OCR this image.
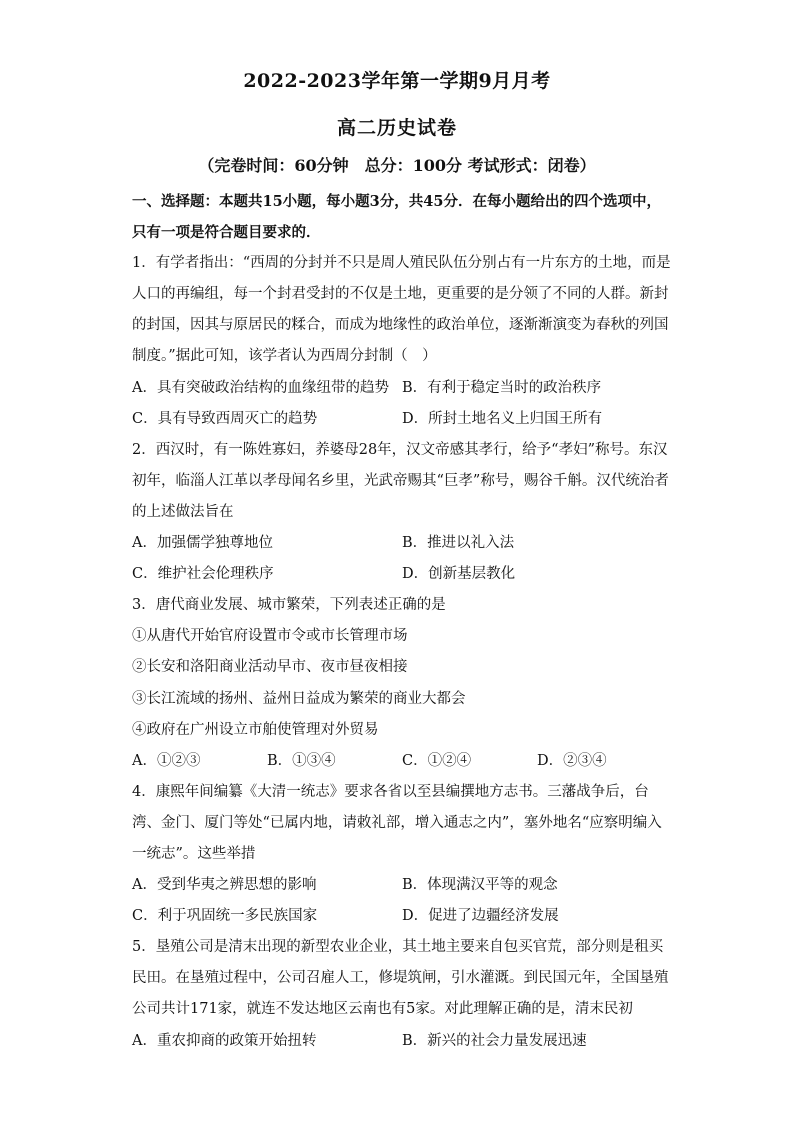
2022-2023学年第一学期9月月考
高二历史试卷
（完卷时间：60分钟　总分：100分 考试形式：闭卷）

一、选择题：本题共15小题，每小题3分，共45分．在每小题给出的四个选项中，只有一项是符合题目要求的．

1．有学者指出：“西周的分封并不只是周人殖民队伍分别占有一片东方的土地，而是人口的再编组，每一个封君受封的不仅是土地，更重要的是分领了不同的人群。新封的封国，因其与原居民的糅合，而成为地缘性的政治单位，逐渐渐演变为春秋的列国制度。”据此可知，该学者认为西周分封制（　）

A．具有突破政治结构的血缘纽带的趋势 B．有利于稳定当时的政治秩序
C．具有导致西周灭亡的趋势	D．所封土地名义上归国王所有

2．西汉时，有一陈姓寡妇，养婆母28年，汉文帝感其孝行，给予“孝妇”称号。东汉初年，临淄人江革以孝母闻名乡里，光武帝赐其“巨孝”称号，赐谷千斛。汉代统治者的上述做法旨在

A．加强儒学独尊地位	B．推进以礼入法
C．维护社会伦理秩序	D．创新基层教化

3．唐代商业发展、城市繁荣，下列表述正确的是

①从唐代开始官府设置市令或市长管理市场

②长安和洛阳商业活动早市、夜市昼夜相接

③长江流域的扬州、益州日益成为繁荣的商业大都会

④政府在广州设立市舶使管理对外贸易

A．①②③	B．①③④	C．①②④	D．②③④

4．康熙年间编纂《大清一统志》要求各省以至县编撰地方志书。三藩战争后，台湾、金门、厦门等处“已属内地，请敕礼部，增入通志之内”，塞外地名“应察明编入一统志”。这些举措

A．受到华夷之辨思想的影响	B．体现满汉平等的观念
C．利于巩固统一多民族国家	D．促进了边疆经济发展

5．垦殖公司是清末出现的新型农业企业，其土地主要来自包买官荒，部分则是租买民田。在垦殖过程中，公司召雇人工，修堤筑闸，引水灌溉。到民国元年，全国垦殖公司共计171家，就连不发达地区云南也有5家。对此理解正确的是，清末民初

A．重农抑商的政策开始扭转	B．新兴的社会力量发展迅速
